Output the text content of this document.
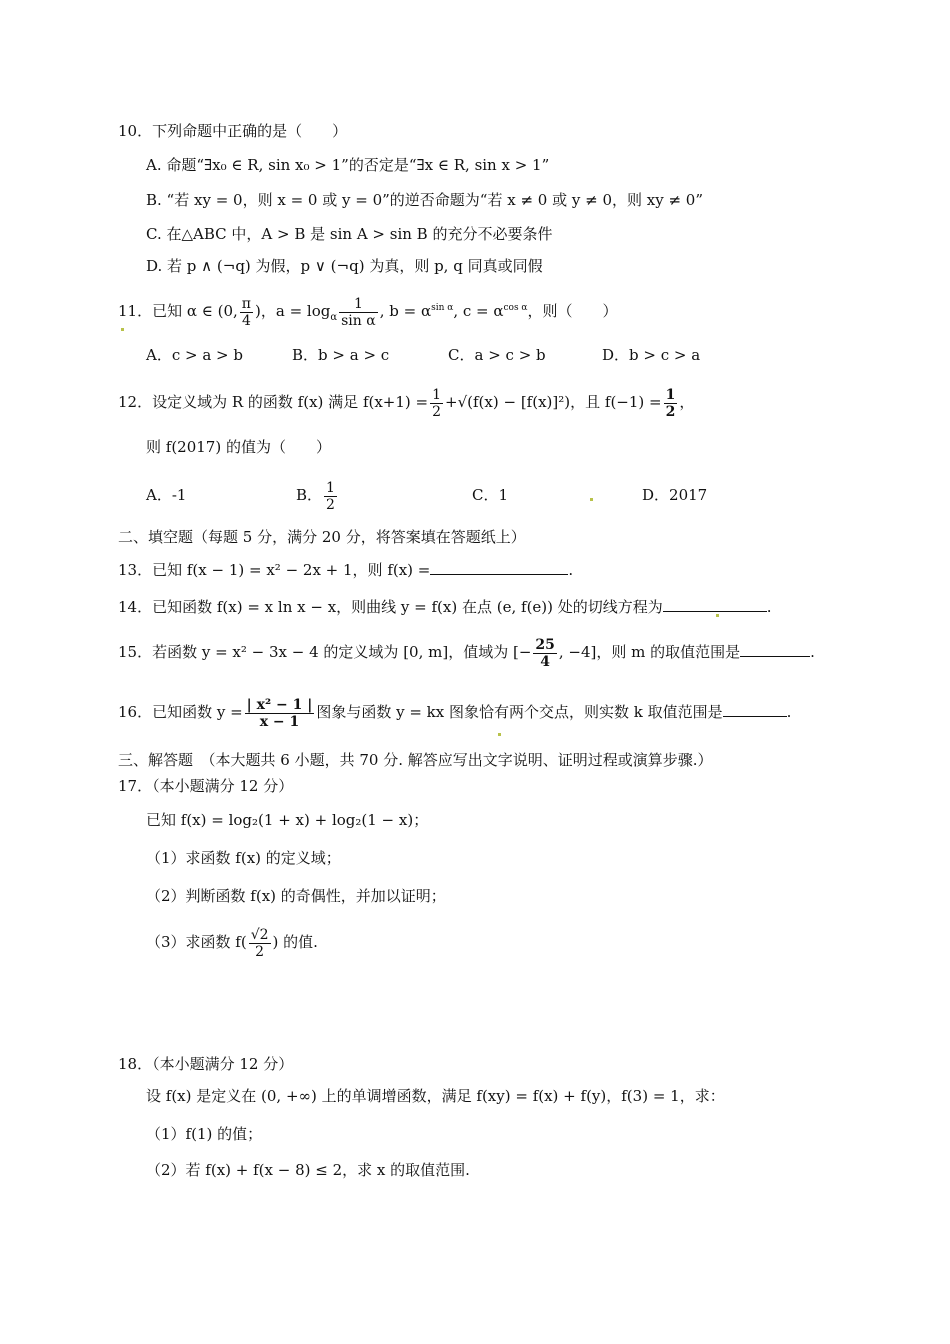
10．下列命题中正确的是（　　）
A. 命题“∃x₀ ∈ R, sin x₀ > 1”的否定是“∃x ∈ R, sin x > 1”
B. “若 xy = 0，则 x = 0 或 y = 0”的逆否命题为“若 x ≠ 0 或 y ≠ 0，则 xy ≠ 0”
C. 在△ABC 中，A > B 是 sin A > sin B 的充分不必要条件
D. 若 p ∧ (¬q) 为假，p ∨ (¬q) 为真，则 p, q 同真或同假
11．已知 α ∈ (0, $\frac{\pi}{4}$ )，$a = \log_\alpha \frac{1}{\text{sin α}}$ , $b = \alpha^{sin \alpha}$, $c = \alpha^{cos \alpha}$，则（　　）
A．c > a > b	B．b > a > c	C．a > c > b	D．b > c > a
12．设定义域为 R 的函数 f(x) 满足 $f(x+1) = \frac{1}{2} +√(f(x) - [f(x)]^2)$，且 $f(-1) = \frac{1}{2}$ ，
则 f(2017) 的值为（　　）
A．-1	B． $\frac{1}{2}$	C．1	D．2017
二、填空题（每题 5 分，满分 20 分，将答案填在答题纸上）
13．已知 f(x − 1) = x² − 2x + 1，则 f(x) =	.
14．已知函数 f(x) = x ln x − x，则曲线 y = f(x) 在点 (e, f(e)) 处的切线方程为	.
15．若函数 y = x² − 3x − 4 的定义域为 [0, m]，值域为 [− $\frac{25}{4}$ , −4]，则 m 的取值范围是	.
16．已知函数 $y = \frac{\text{| x² − 1 |}}{x - 1}$ 图象与函数 y = kx 图象恰有两个交点，则实数 k 取值范围是	.
三、解答题　（本大题共 6 小题，共 70 分. 解答应写出文字说明、证明过程或演算步骤.）
17．（本小题满分 12 分）
已知 f(x) = log₂(1 + x) + log₂(1 − x)；
（1）求函数 f(x) 的定义域；
（2）判断函数 f(x) 的奇偶性，并加以证明；
（3）求函数 $f( \frac{√2}{2}$ ) 的值.
18．（本小题满分 12 分）
设 f(x) 是定义在 (0, +∞) 上的单调增函数，满足 f(xy) = f(x) + f(y)，f(3) = 1，求：
（1）f(1) 的值；
（2）若 f(x) + f(x − 8) ≤ 2，求 x 的取值范围.
